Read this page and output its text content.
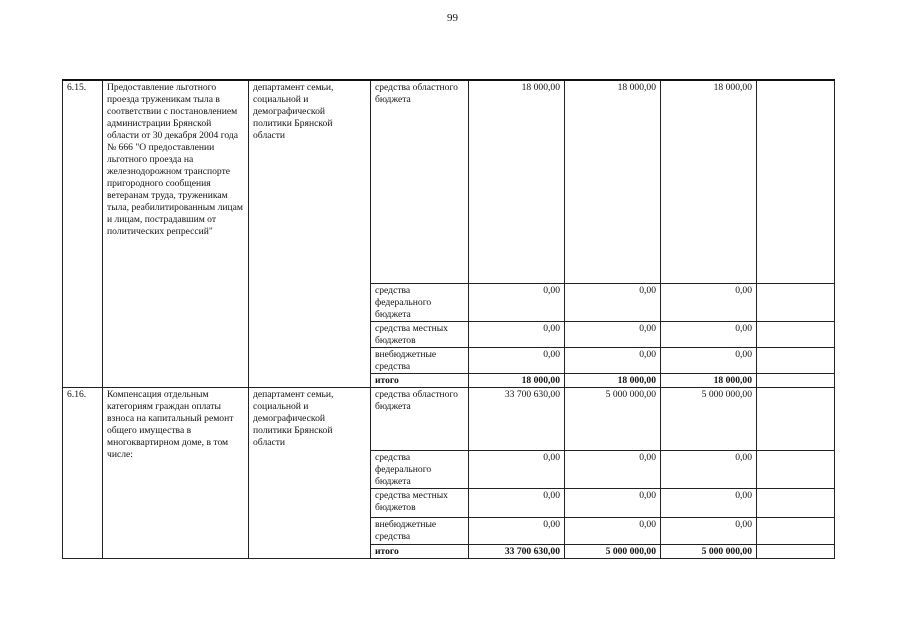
99
6.15.	Предоставление льготного проезда труженикам тыла в соответствии с постановлением администрации Брянской области от 30 декабря 2004 года № 666 "О предоставлении льготного проезда на железнодорожном транспорте пригородного сообщения ветеранам труда, труженикам тыла, реабилитированным лицам и лицам, пострадавшим от политических репрессий"	департамент семьи, социальной и демографической политики Брянской области	средства областного бюджета	18 000,00	18 000,00	18 000,00	
			средства федерального бюджета	0,00	0,00	0,00	
			средства местных бюджетов	0,00	0,00	0,00	
			внебюджетные средства	0,00	0,00	0,00	
			итого	18 000,00	18 000,00	18 000,00	
6.16.	Компенсация отдельным категориям граждан оплаты взноса на капитальный ремонт общего имущества в многоквартирном доме, в том числе:	департамент семьи, социальной и демографической политики Брянской области	средства областного бюджета	33 700 630,00	5 000 000,00	5 000 000,00	
			средства федерального бюджета	0,00	0,00	0,00	
			средства местных бюджетов	0,00	0,00	0,00	
			внебюджетные средства	0,00	0,00	0,00	
			итого	33 700 630,00	5 000 000,00	5 000 000,00	
